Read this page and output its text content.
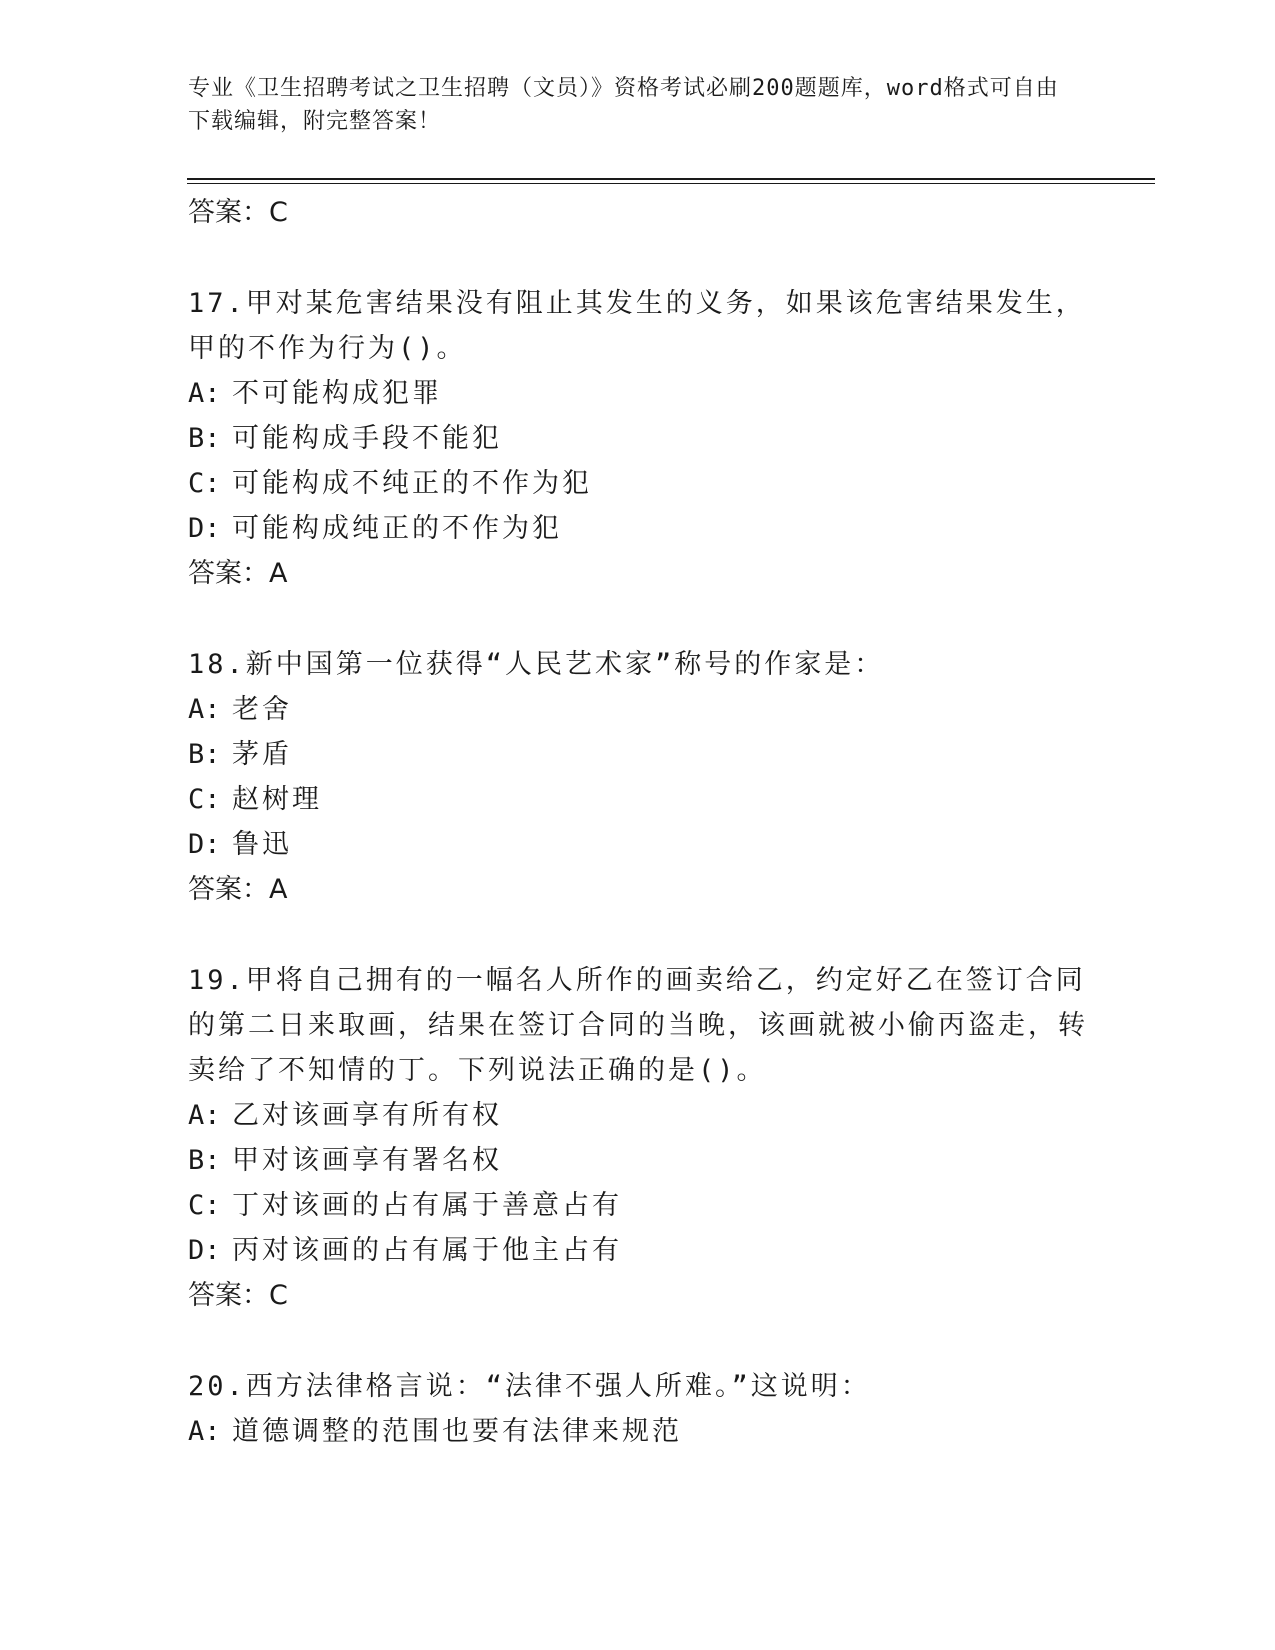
专业《卫生招聘考试之卫生招聘（文员）》资格考试必刷200题题库，word格式可自由下载编辑，附完整答案！

答案：C

17.甲对某危害结果没有阻止其发生的义务，如果该危害结果发生，甲的不作为行为()。

A: 不可能构成犯罪

B: 可能构成手段不能犯

C: 可能构成不纯正的不作为犯

D: 可能构成纯正的不作为犯

答案：A

18.新中国第一位获得“人民艺术家”称号的作家是：

A: 老舍

B: 茅盾

C: 赵树理

D: 鲁迅

答案：A

19.甲将自己拥有的一幅名人所作的画卖给乙，约定好乙在签订合同的第二日来取画，结果在签订合同的当晚，该画就被小偷丙盗走，转卖给了不知情的丁。下列说法正确的是()。

A: 乙对该画享有所有权

B: 甲对该画享有署名权

C: 丁对该画的占有属于善意占有

D: 丙对该画的占有属于他主占有

答案：C

20.西方法律格言说：“法律不强人所难。”这说明：

A: 道德调整的范围也要有法律来规范
